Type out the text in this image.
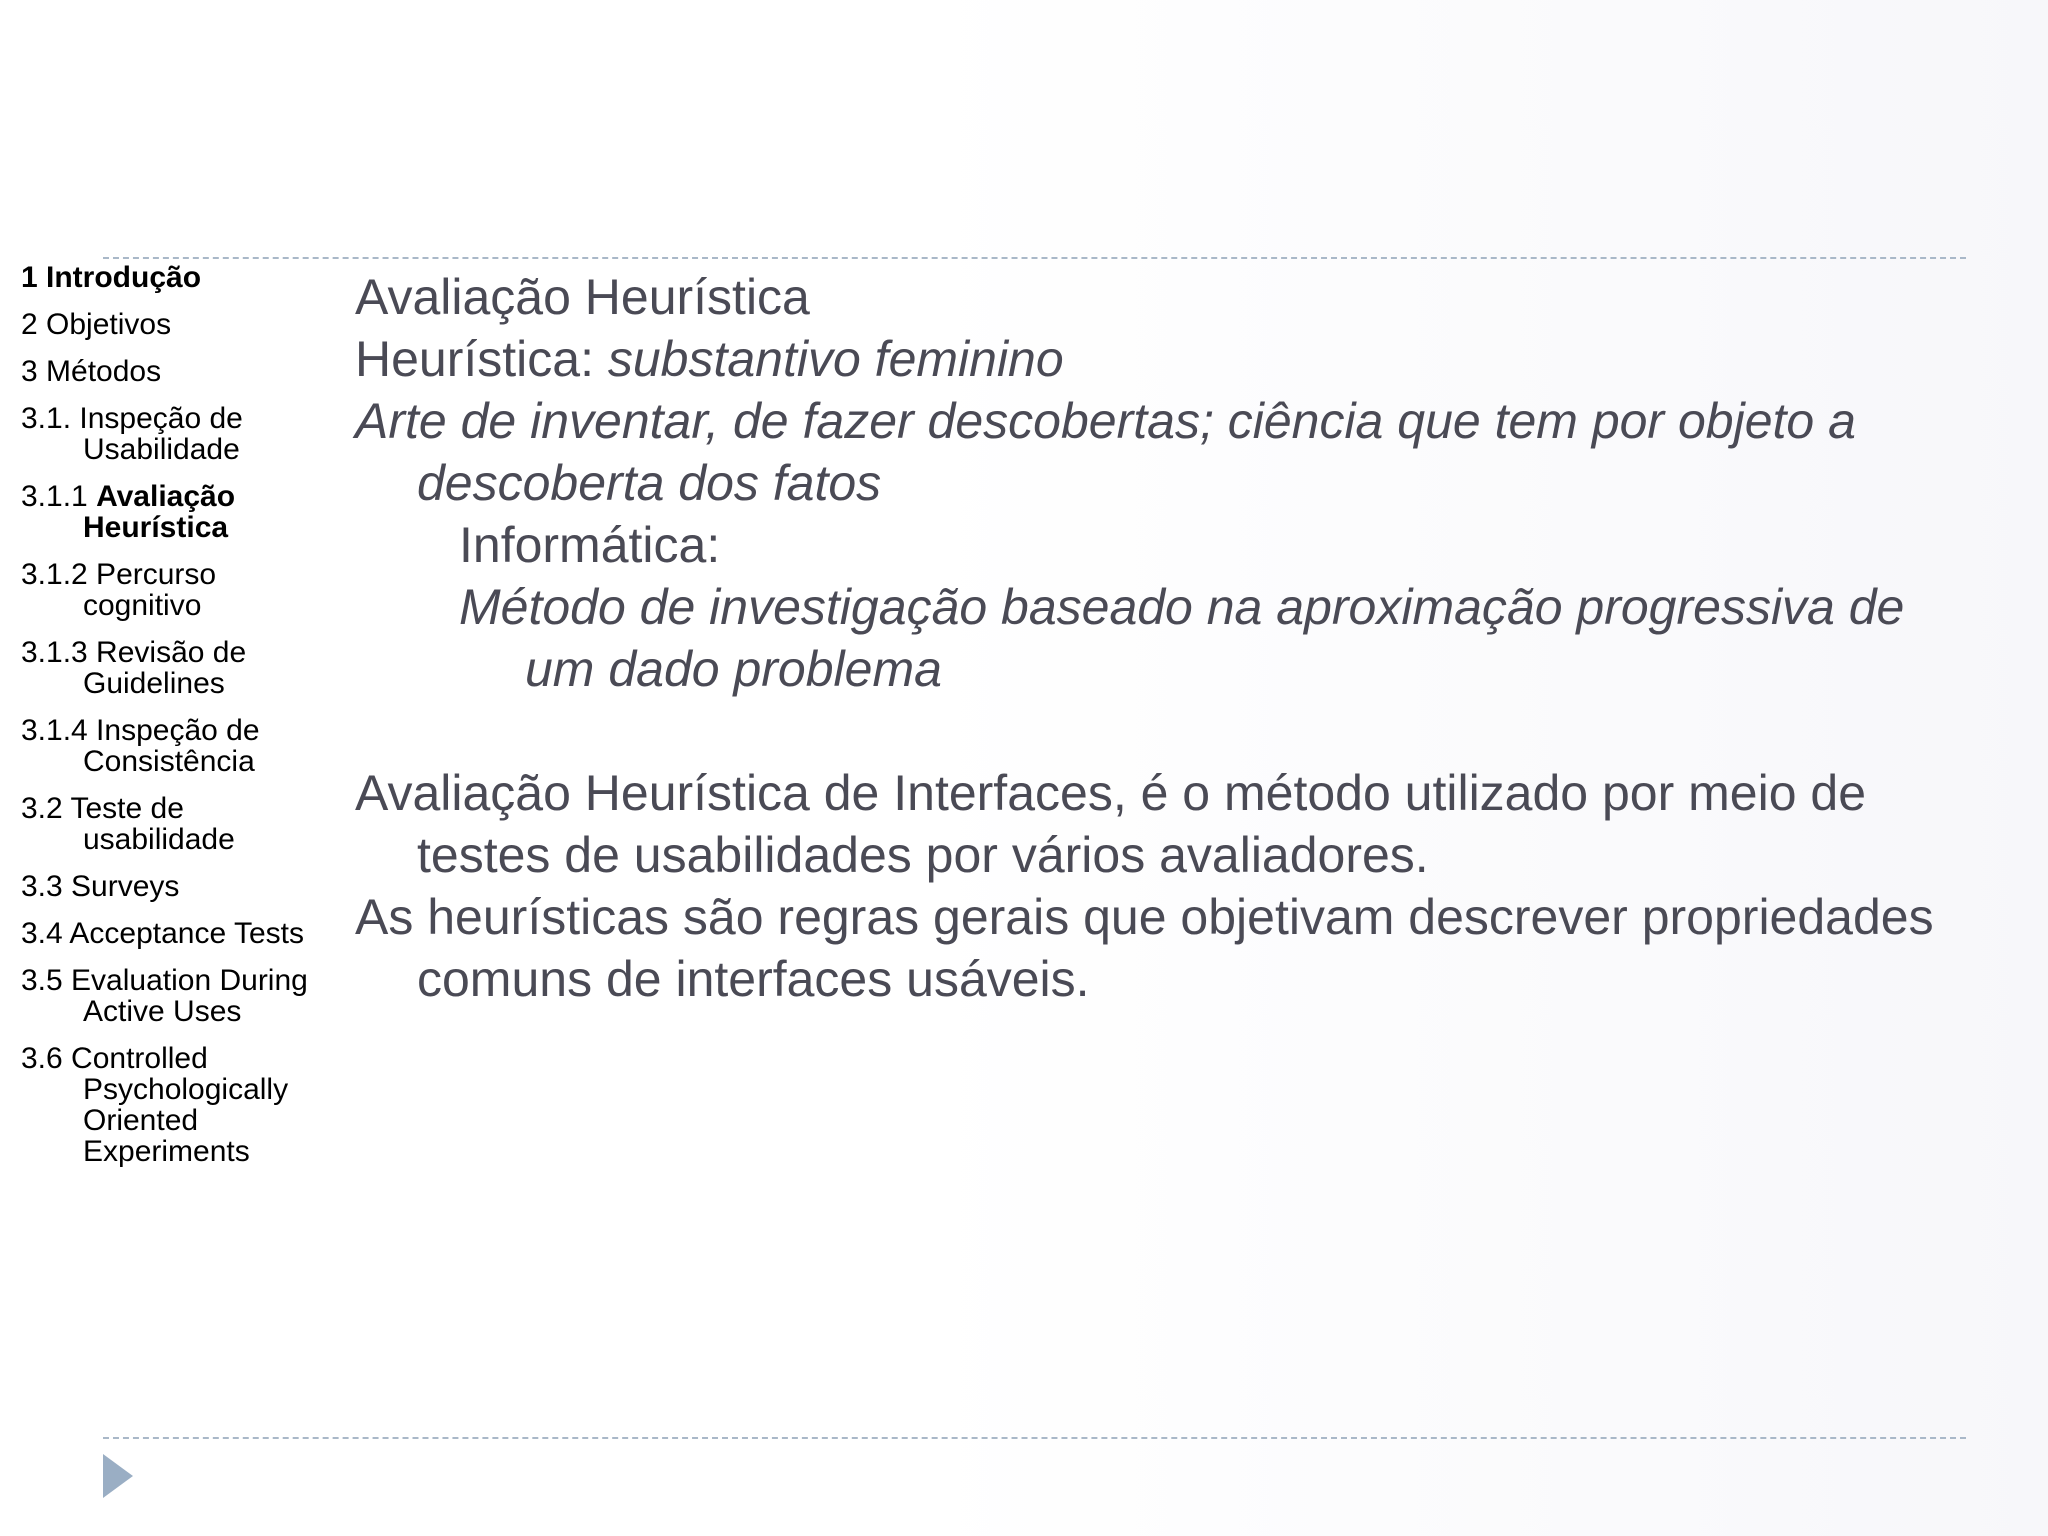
1 Introdução
2 Objetivos
3 Métodos
3.1. Inspeção de Usabilidade
3.1.1 Avaliação Heurística
3.1.2 Percurso cognitivo
3.1.3 Revisão de Guidelines
3.1.4 Inspeção de Consistência
3.2 Teste de usabilidade
3.3 Surveys
3.4 Acceptance Tests
3.5 Evaluation During Active Uses
3.6 Controlled Psychologically Oriented Experiments

Avaliação Heurística

Heurística: substantivo feminino

Arte de inventar, de fazer descobertas; ciência que tem por objeto a descoberta dos fatos

Informática:

Método de investigação baseado na aproximação progressiva de um dado problema

Avaliação Heurística de Interfaces, é o método utilizado por meio de testes de usabilidades por vários avaliadores.

As heurísticas são regras gerais que objetivam descrever propriedades comuns de interfaces usáveis.
